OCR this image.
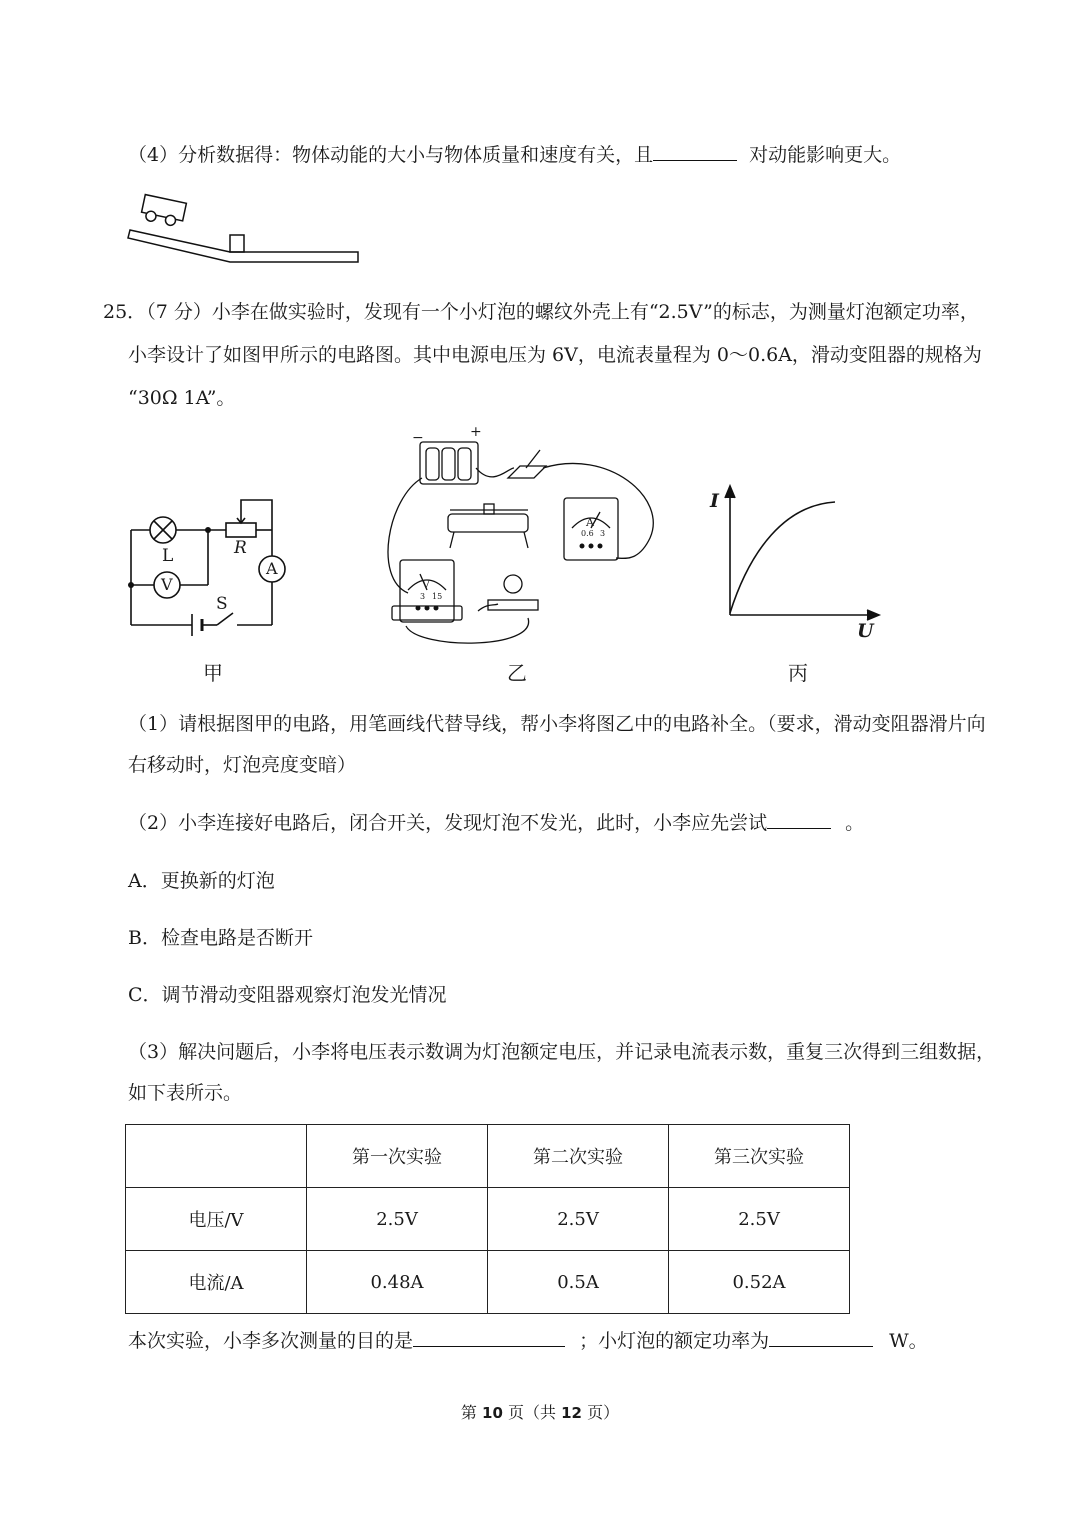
（4）分析数据得：物体动能的大小与物体质量和速度有关，且	对动能影响更大。
25．（7 分）小李在做实验时，发现有一个小灯泡的螺纹外壳上有“2.5V”的标志，为测量灯泡额定功率，
小李设计了如图甲所示的电路图。其中电源电压为 6V，电流表量程为 0～0.6A，滑动变阻器的规格为
“30Ω 1A”。
L	R
V
A
S
甲
−	+
A
0.6 3
V
3 15
乙
I
U
丙
（1）请根据图甲的电路，用笔画线代替导线，帮小李将图乙中的电路补全。（要求，滑动变阻器滑片向
右移动时，灯泡亮度变暗）
（2）小李连接好电路后，闭合开关，发现灯泡不发光，此时，小李应先尝试	。
A．更换新的灯泡
B．检查电路是否断开
C．调节滑动变阻器观察灯泡发光情况
（3）解决问题后，小李将电压表示数调为灯泡额定电压，并记录电流表示数，重复三次得到三组数据，
如下表所示。
	第一次实验	第二次实验	第三次实验
电压/V	2.5V	2.5V	2.5V
电流/A	0.48A	0.5A	0.52A
本次实验，小李多次测量的目的是	；小灯泡的额定功率为	W。
第 10 页（共 12 页）
